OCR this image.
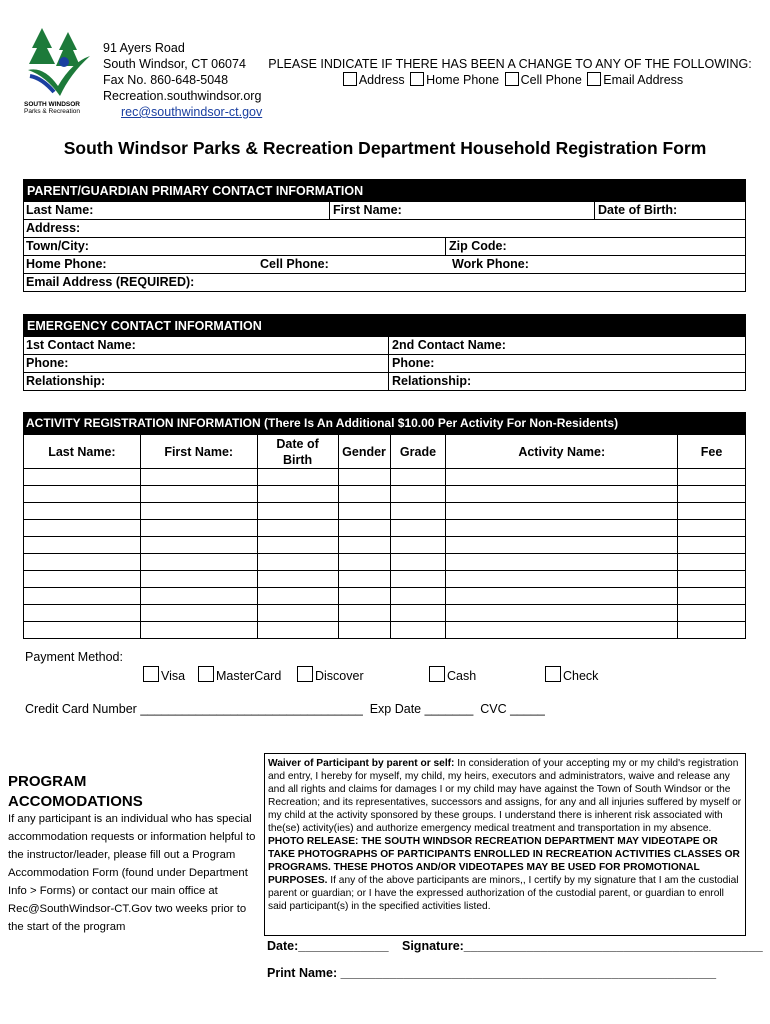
SOUTH WINDSOR
Parks & Recreation
91 Ayers Road
South Windsor, CT 06074
Fax No. 860-648-5048
Recreation.southwindsor.org
rec@southwindsor-ct.gov
PLEASE INDICATE IF THERE HAS BEEN A CHANGE TO ANY OF THE FOLLOWING:
Address Home Phone Cell Phone Email Address
South Windsor Parks & Recreation Department Household Registration Form
PARENT/GUARDIAN PRIMARY CONTACT INFORMATION
Last Name:	First Name:	Date of Birth:
Address:
Town/City:	Zip Code:
Home Phone:	Cell Phone:	Work Phone:
Email Address (REQUIRED):
EMERGENCY CONTACT INFORMATION
1st Contact Name:	2nd Contact Name:
Phone:	Phone:
Relationship:	Relationship:
ACTIVITY REGISTRATION INFORMATION (There Is An Additional $10.00 Per Activity For Non-Residents)
Last Name:	First Name:	Date of Birth	Gender	Grade	Activity Name:	Fee

Payment Method:
Visa	MasterCard	Discover	Cash	Check
Credit Card Number ________________________________  Exp Date _______  CVC _____
PROGRAM
ACCOMODATIONS
If any participant is an individual who has special accommodation requests or information helpful to the instructor/leader, please fill out a Program Accommodation Form (found under Department Info > Forms) or contact our main office at Rec@SouthWindsor-CT.Gov two weeks prior to the start of the program
Waiver of Participant by parent or self: In consideration of your accepting my or my child's registration and entry, I hereby for myself, my child, my heirs, executors and administrators, waive and release any and all rights and claims for damages I or my child may have against the Town of South Windsor or the Recreation; and its representatives, successors and assigns, for any and all injuries suffered by myself or my child at the activity sponsored by these groups. I understand there is inherent risk associated with the(se) activity(ies) and authorize emergency medical treatment and transportation in my absence. PHOTO RELEASE: THE SOUTH WINDSOR RECREATION DEPARTMENT MAY VIDEOTAPE OR TAKE PHOTOGRAPHS OF PARTICIPANTS ENROLLED IN RECREATION ACTIVITIES CLASSES OR PROGRAMS. THESE PHOTOS AND/OR VIDEOTAPES MAY BE USED FOR PROMOTIONAL PURPOSES. If any of the above participants are minors,, I certify by my signature that I am the custodial parent or guardian; or I have the expressed authorization of the custodial parent, or guardian to enroll said participant(s) in the specified activities listed.
Date:_____________ Signature:___________________________________________
Print Name: ______________________________________________________
